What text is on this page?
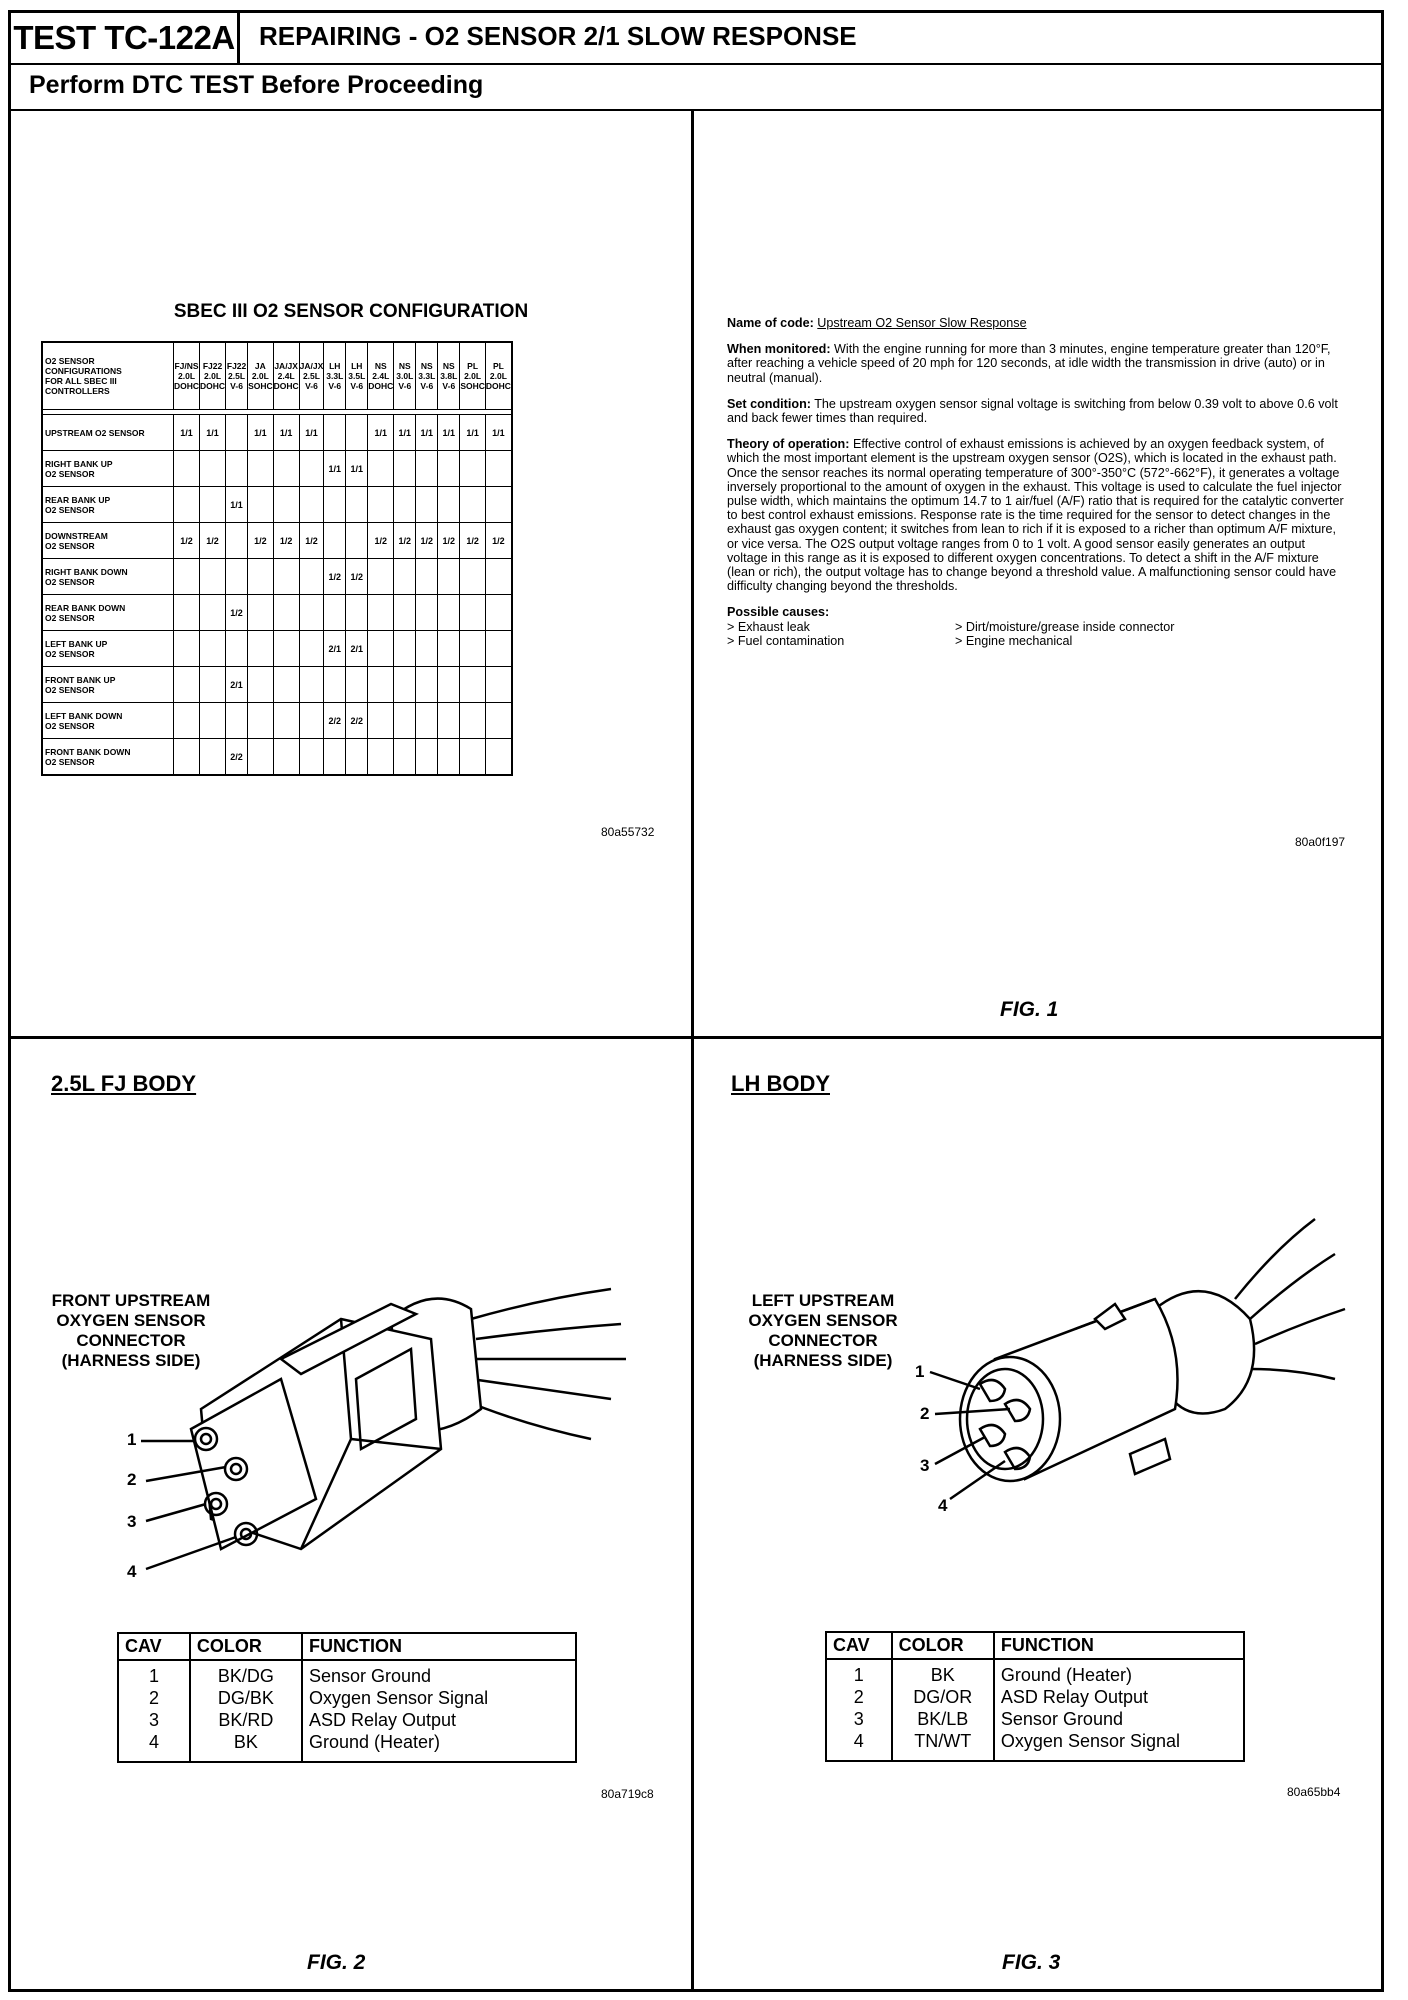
TEST TC-122A REPAIRING - O2 SENSOR 2/1 SLOW RESPONSE
Perform DTC TEST Before Proceeding
SBEC III O2 SENSOR CONFIGURATION
O2 SENSOR
CONFIGURATIONS
FOR ALL SBEC III
CONTROLLERS	FJ/NS
2.0L
DOHC	FJ22
2.0L
DOHC	FJ22
2.5L
V-6	JA
2.0L
SOHC	JA/JX
2.4L
DOHC	JA/JX
2.5L
V-6	LH
3.3L
V-6	LH
3.5L
V-6	NS
2.4L
DOHC	NS
3.0L
V-6	NS
3.3L
V-6	NS
3.8L
V-6	PL
2.0L
SOHC	PL
2.0L
DOHC

UPSTREAM O2 SENSOR	1/1	1/1		1/1	1/1	1/1			1/1	1/1	1/1	1/1	1/1	1/1
RIGHT BANK UP
O2 SENSOR							1/1	1/1						
REAR BANK UP
O2 SENSOR			1/1											
DOWNSTREAM
O2 SENSOR	1/2	1/2		1/2	1/2	1/2			1/2	1/2	1/2	1/2	1/2	1/2
RIGHT BANK DOWN
O2 SENSOR							1/2	1/2						
REAR BANK DOWN
O2 SENSOR			1/2											
LEFT BANK UP
O2 SENSOR							2/1	2/1						
FRONT BANK UP
O2 SENSOR			2/1											
LEFT BANK DOWN
O2 SENSOR							2/2	2/2						
FRONT BANK DOWN
O2 SENSOR			2/2											
80a55732

Name of code: Upstream O2 Sensor Slow Response

When monitored: With the engine running for more than 3 minutes, engine temperature greater than 120°F, after reaching a vehicle speed of 20 mph for 120 seconds, at idle width the transmission in drive (auto) or in neutral (manual).

Set condition: The upstream oxygen sensor signal voltage is switching from below 0.39 volt to above 0.6 volt and back fewer times than required.

Theory of operation: Effective control of exhaust emissions is achieved by an oxygen feedback system, of which the most important element is the upstream oxygen sensor (O2S), which is located in the exhaust path. Once the sensor reaches its normal operating temperature of 300°-350°C (572°-662°F), it generates a voltage inversely proportional to the amount of oxygen in the exhaust. This voltage is used to calculate the fuel injector pulse width, which maintains the optimum 14.7 to 1 air/fuel (A/F) ratio that is required for the catalytic converter to best control exhaust emissions. Response rate is the time required for the sensor to detect changes in the exhaust gas oxygen content; it switches from lean to rich if it is exposed to a richer than optimum A/F mixture, or vice versa. The O2S output voltage ranges from 0 to 1 volt. A good sensor easily generates an output voltage in this range as it is exposed to different oxygen concentrations. To detect a shift in the A/F mixture (lean or rich), the output voltage has to change beyond a threshold value. A malfunctioning sensor could have difficulty changing beyond the thresholds.

Possible causes:
> Exhaust leak	> Dirt/moisture/grease inside connector
> Fuel contamination	> Engine mechanical
80a0f197
FIG. 1
2.5L FJ BODY
FRONT UPSTREAM
OXYGEN SENSOR
CONNECTOR
(HARNESS SIDE)
1
2
3
4
CAV	COLOR	FUNCTION
1	BK/DG	Sensor Ground
2	DG/BK	Oxygen Sensor Signal
3	BK/RD	ASD Relay Output
4	BK	Ground (Heater)
80a719c8
FIG. 2
LH BODY
LEFT UPSTREAM
OXYGEN SENSOR
CONNECTOR
(HARNESS SIDE)
1
2
3
4
CAV	COLOR	FUNCTION
1	BK	Ground (Heater)
2	DG/OR	ASD Relay Output
3	BK/LB	Sensor Ground
4	TN/WT	Oxygen Sensor Signal
80a65bb4
FIG. 3
